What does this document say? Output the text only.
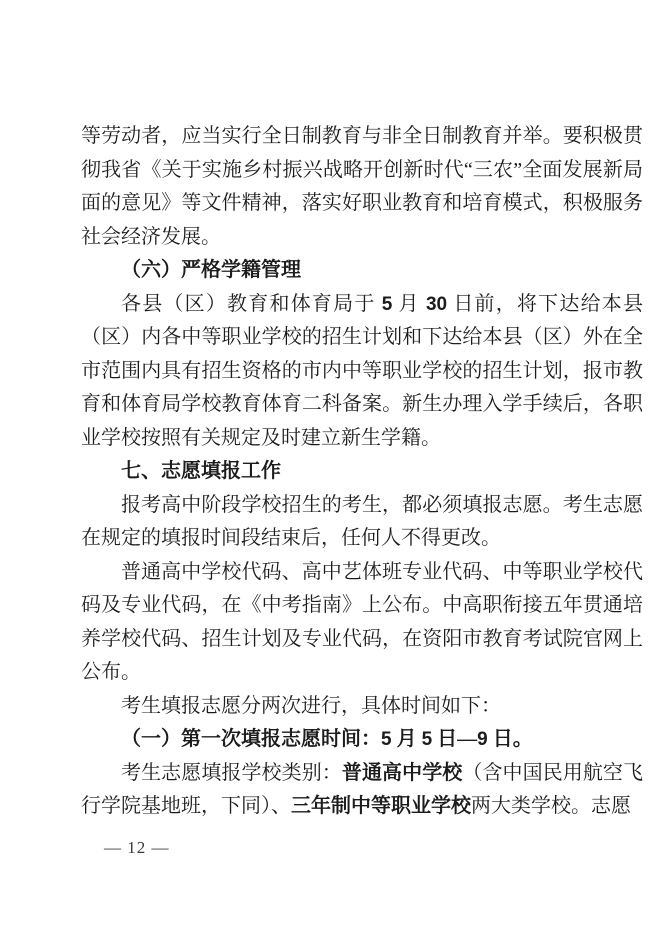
等劳动者，应当实行全日制教育与非全日制教育并举。要积极贯彻我省《关于实施乡村振兴战略开创新时代“三农”全面发展新局面的意见》等文件精神，落实好职业教育和培育模式，积极服务社会经济发展。

（六）严格学籍管理

各县（区）教育和体育局于 5 月 30 日前，将下达给本县（区）内各中等职业学校的招生计划和下达给本县（区）外在全市范围内具有招生资格的市内中等职业学校的招生计划，报市教育和体育局学校教育体育二科备案。新生办理入学手续后，各职业学校按照有关规定及时建立新生学籍。

七、志愿填报工作

报考高中阶段学校招生的考生，都必须填报志愿。考生志愿在规定的填报时间段结束后，任何人不得更改。

普通高中学校代码、高中艺体班专业代码、中等职业学校代码及专业代码，在《中考指南》上公布。中高职衔接五年贯通培养学校代码、招生计划及专业代码，在资阳市教育考试院官网上公布。

考生填报志愿分两次进行，具体时间如下：

（一）第一次填报志愿时间：5 月 5 日—9 日。

考生志愿填报学校类别：普通高中学校（含中国民用航空飞行学院基地班，下同）、三年制中等职业学校两大类学校。志愿

— 12 —
